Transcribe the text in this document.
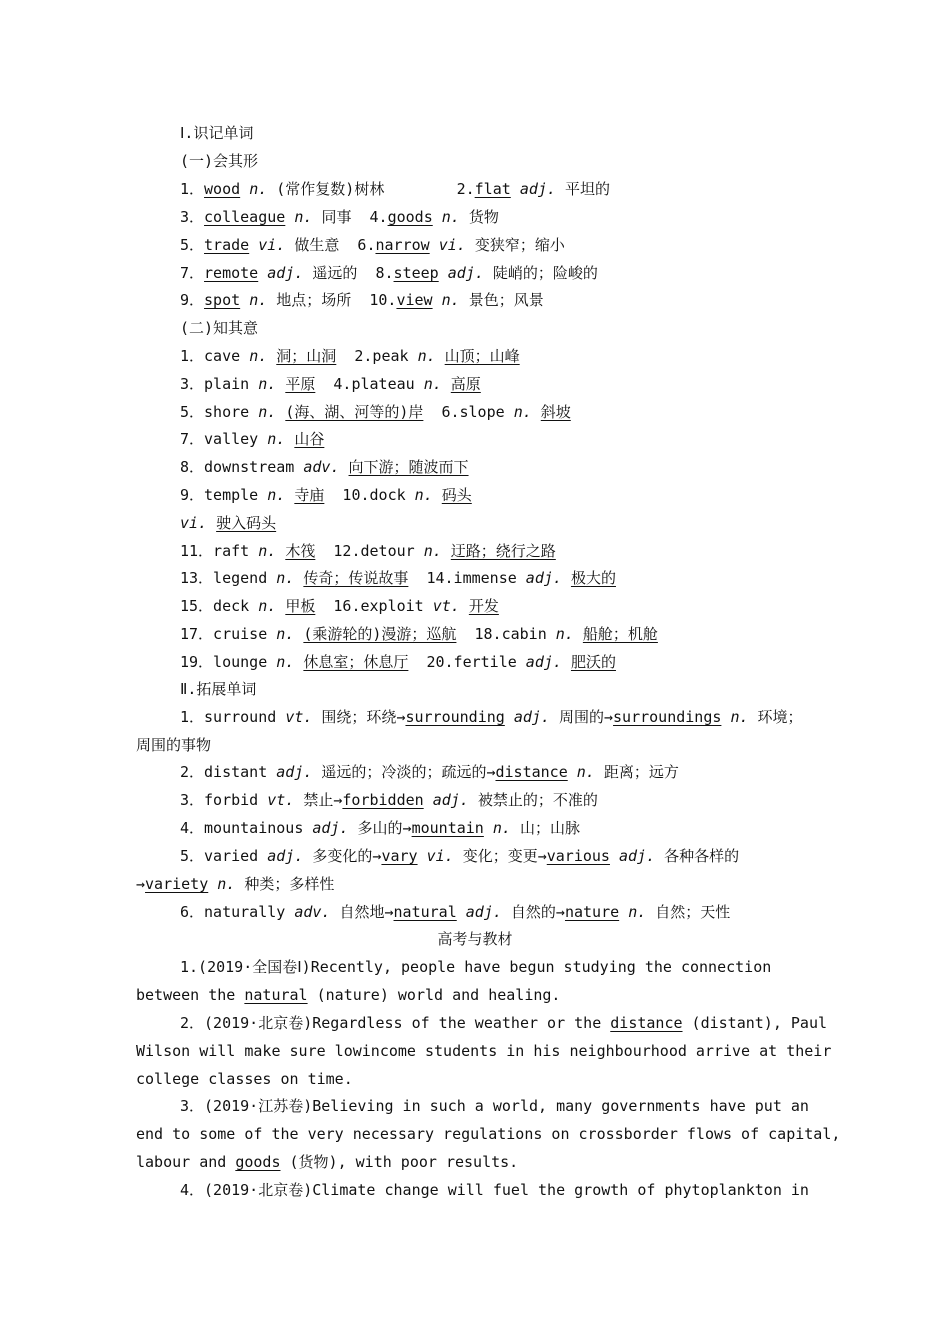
Ⅰ.识记单词
(一)会其形
1．wood n. (常作复数)树林	2.flat adj. 平坦的
3．colleague n. 同事 4.goods n. 货物
5．trade vi. 做生意 6.narrow vi. 变狭窄；缩小
7．remote adj. 遥远的 8.steep adj. 陡峭的；险峻的
9．spot n. 地点；场所 10.view n. 景色；风景
(二)知其意
1．cave n. 洞；山洞 2.peak n. 山顶；山峰
3．plain n. 平原 4.plateau n. 高原
5．shore n. (海、湖、河等的)岸 6.slope n. 斜坡
7．valley n. 山谷
8．downstream adv. 向下游；随波而下
9．temple n. 寺庙 10.dock n. 码头
vi. 驶入码头
11．raft n. 木筏 12.detour n. 迂路；绕行之路
13．legend n. 传奇；传说故事 14.immense adj. 极大的
15．deck n. 甲板 16.exploit vt. 开发
17．cruise n. (乘游轮的)漫游；巡航 18.cabin n. 船舱；机舱
19．lounge n. 休息室；休息厅 20.fertile adj. 肥沃的
Ⅱ.拓展单词
1．surround vt. 围绕；环绕→surrounding adj. 周围的→surroundings n. 环境；
周围的事物
2．distant adj. 遥远的；冷淡的；疏远的→distance n. 距离；远方
3．forbid vt. 禁止→forbidden adj. 被禁止的；不准的
4．mountainous adj. 多山的→mountain n. 山；山脉
5．varied adj. 多变化的→vary vi. 变化；变更→various adj. 各种各样的
→variety n. 种类；多样性
6．naturally adv. 自然地→natural adj. 自然的→nature n. 自然；天性
高考与教材
1.(2019·全国卷Ⅰ)Recently, people have begun studying the connection
between the natural (nature) world and healing.
2．(2019·北京卷)Regardless of the weather or the distance (distant), Paul
Wilson will make sure lowincome students in his neighbourhood arrive at their
college classes on time.
3．(2019·江苏卷)Believing in such a world, many governments have put an
end to some of the very necessary regulations on crossborder flows of capital,
labour and goods (货物), with poor results.
4．(2019·北京卷)Climate change will fuel the growth of phytoplankton in
